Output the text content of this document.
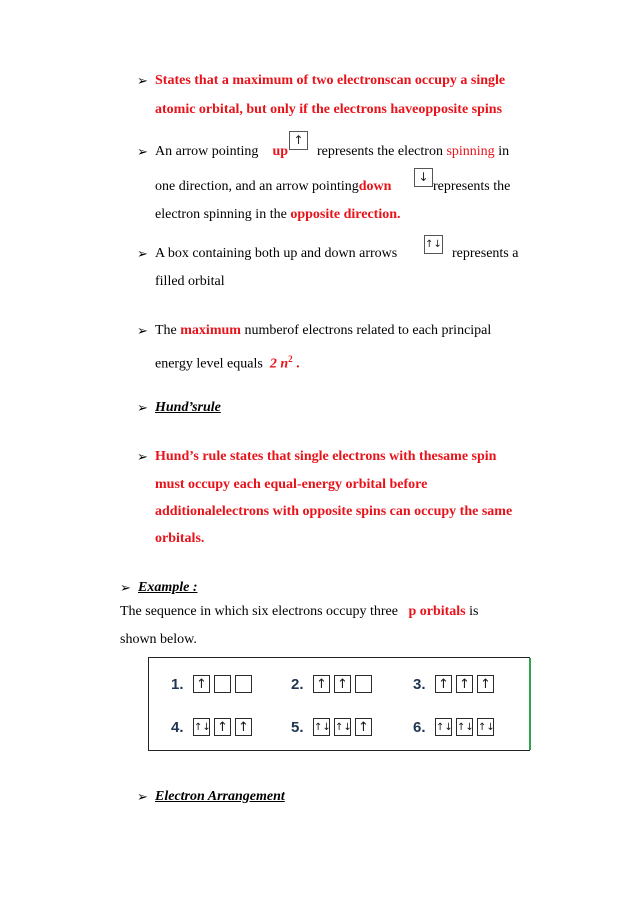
➢ States that a maximum of two electronscan occupy a single
atomic orbital, but only if the electrons haveopposite spins
➢ An arrow pointing up
↑
represents the electron spinning in
one direction, and an arrow pointingdown
↓
represents the
electron spinning in the opposite direction.
➢ A box containing both up and down arrows
↑↓
represents a
filled orbital
➢ The maximum numberof electrons related to each principal
energy level equals 2 $n^2$ .
➢ Hund’srule
➢ Hund’s rule states that single electrons with thesame spin
must occupy each equal-energy orbital before
additionalelectrons with opposite spins can occupy the same
orbitals.
➢ Example :
The sequence in which six electrons occupy three p orbitals is
shown below.
1. ↑	2. ↑ ↑	3. ↑ ↑ ↑
4. ↑↓ ↑ ↑	5. ↑↓ ↑↓ ↑	6. ↑↓ ↑↓ ↑↓
➢ Electron Arrangement
